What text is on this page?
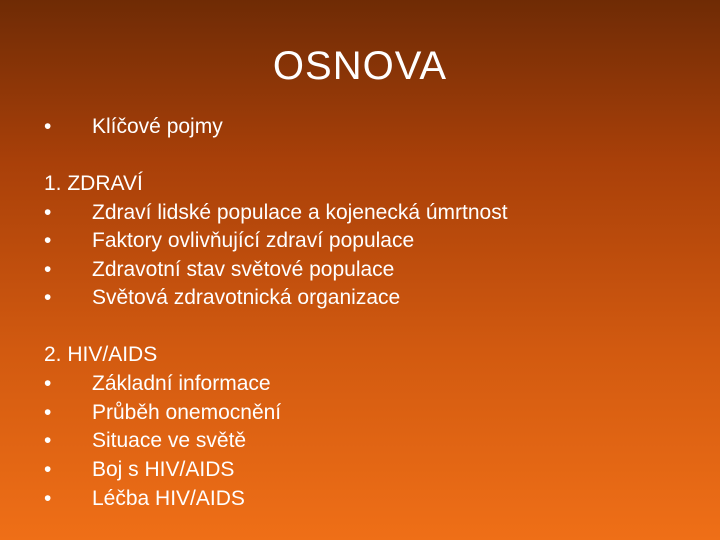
OSNOVA
• Klíčové pojmy
1. ZDRAVÍ
• Zdraví lidské populace a kojenecká úmrtnost
• Faktory ovlivňující zdraví populace
• Zdravotní stav světové populace
• Světová zdravotnická organizace
2. HIV/AIDS
• Základní informace
• Průběh onemocnění
• Situace ve světě
• Boj s HIV/AIDS
• Léčba HIV/AIDS
